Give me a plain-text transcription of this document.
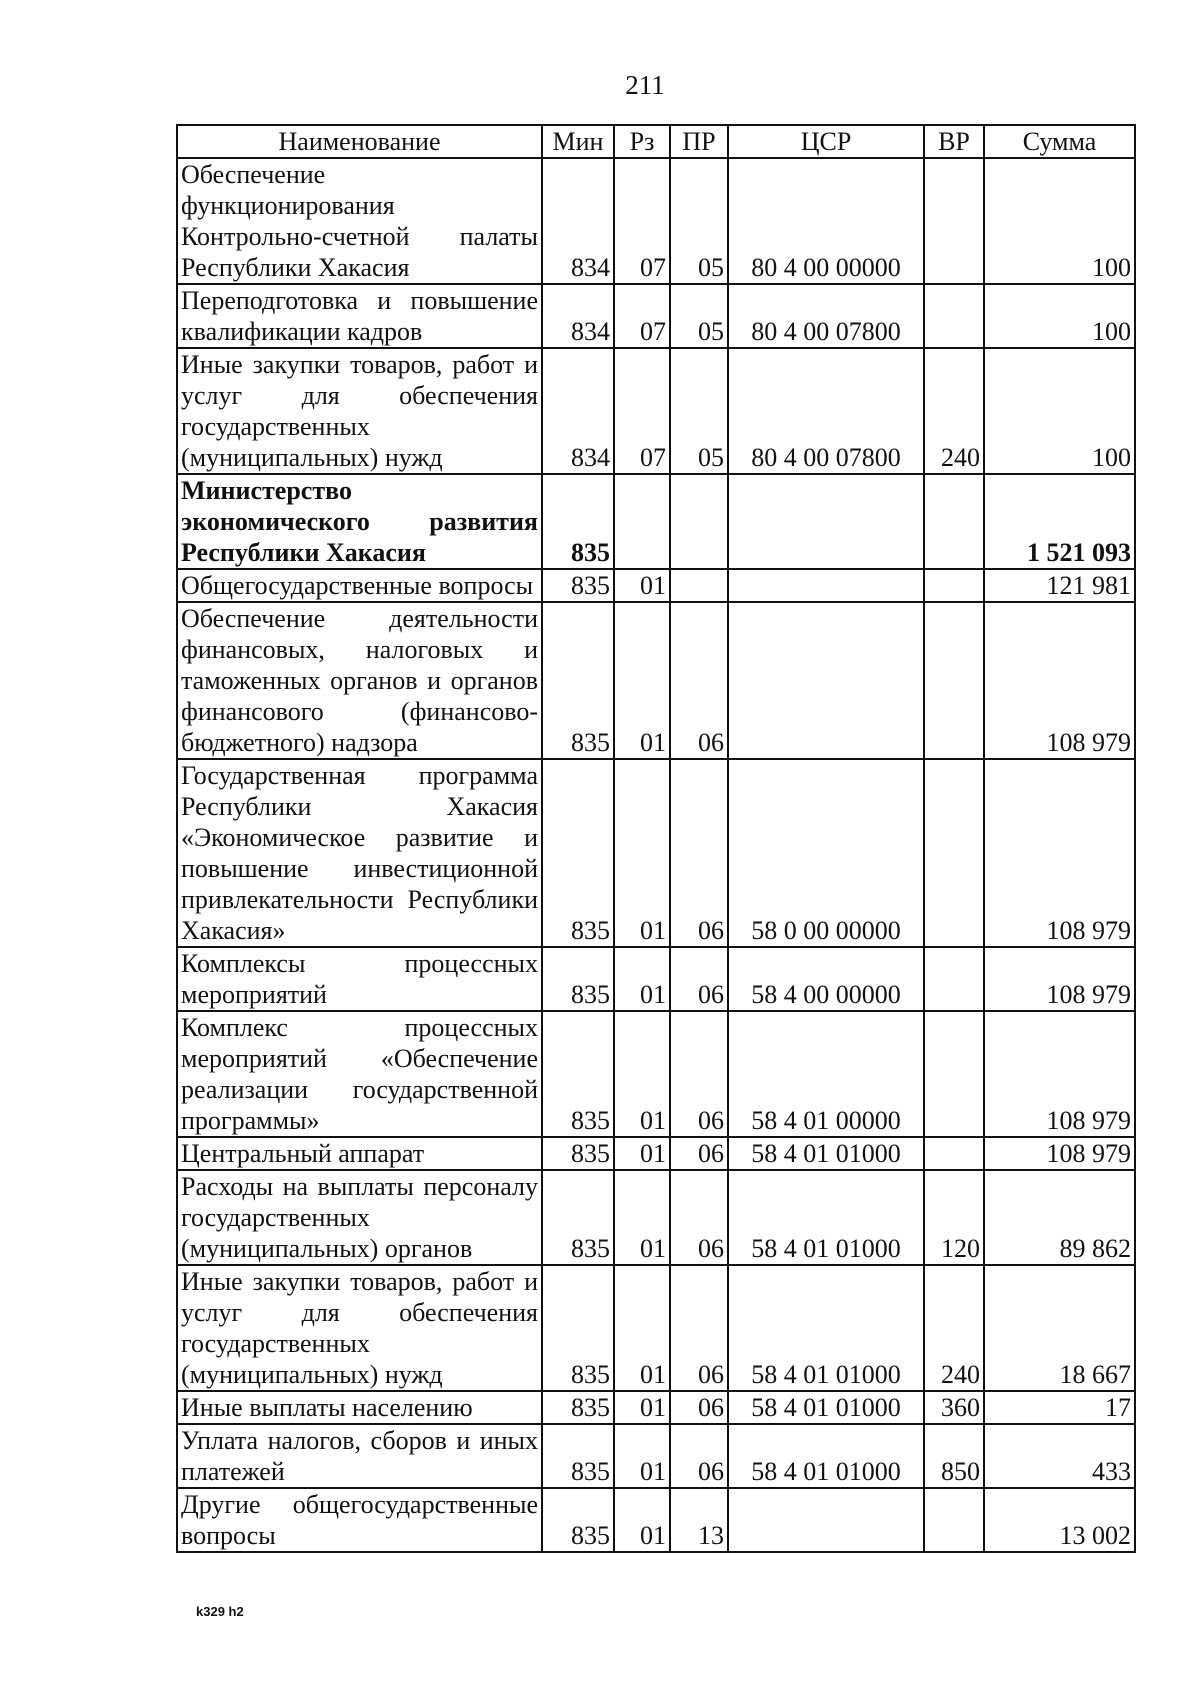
211
Наименование	Мин	Рз	ПР	ЦСР	ВР	Сумма
Обеспечение функционирования Контрольно-счетной палаты Республики Хакасия	834	07	05	80 4 00 00000		100
Переподготовка и повышение квалификации кадров	834	07	05	80 4 00 07800		100
Иные закупки товаров, работ и услуг для обеспечения государственных (муниципальных) нужд	834	07	05	80 4 00 07800	240	100
Министерство экономического развития Республики Хакасия	835					1 521 093
Общегосударственные вопросы	835	01				121 981
Обеспечение деятельности финансовых, налоговых и таможенных органов и органов финансового (финансово-бюджетного) надзора	835	01	06			108 979
Государственная программа Республики Хакасия «Экономическое развитие и повышение инвестиционной привлекательности Республики Хакасия»	835	01	06	58 0 00 00000		108 979
Комплексы процессных мероприятий	835	01	06	58 4 00 00000		108 979
Комплекс процессных мероприятий «Обеспечение реализации государственной программы»	835	01	06	58 4 01 00000		108 979
Центральный аппарат	835	01	06	58 4 01 01000		108 979
Расходы на выплаты персоналу государственных (муниципальных) органов	835	01	06	58 4 01 01000	120	89 862
Иные закупки товаров, работ и услуг для обеспечения государственных (муниципальных) нужд	835	01	06	58 4 01 01000	240	18 667
Иные выплаты населению	835	01	06	58 4 01 01000	360	17
Уплата налогов, сборов и иных платежей	835	01	06	58 4 01 01000	850	433
Другие общегосударственные вопросы	835	01	13			13 002
k329 h2
